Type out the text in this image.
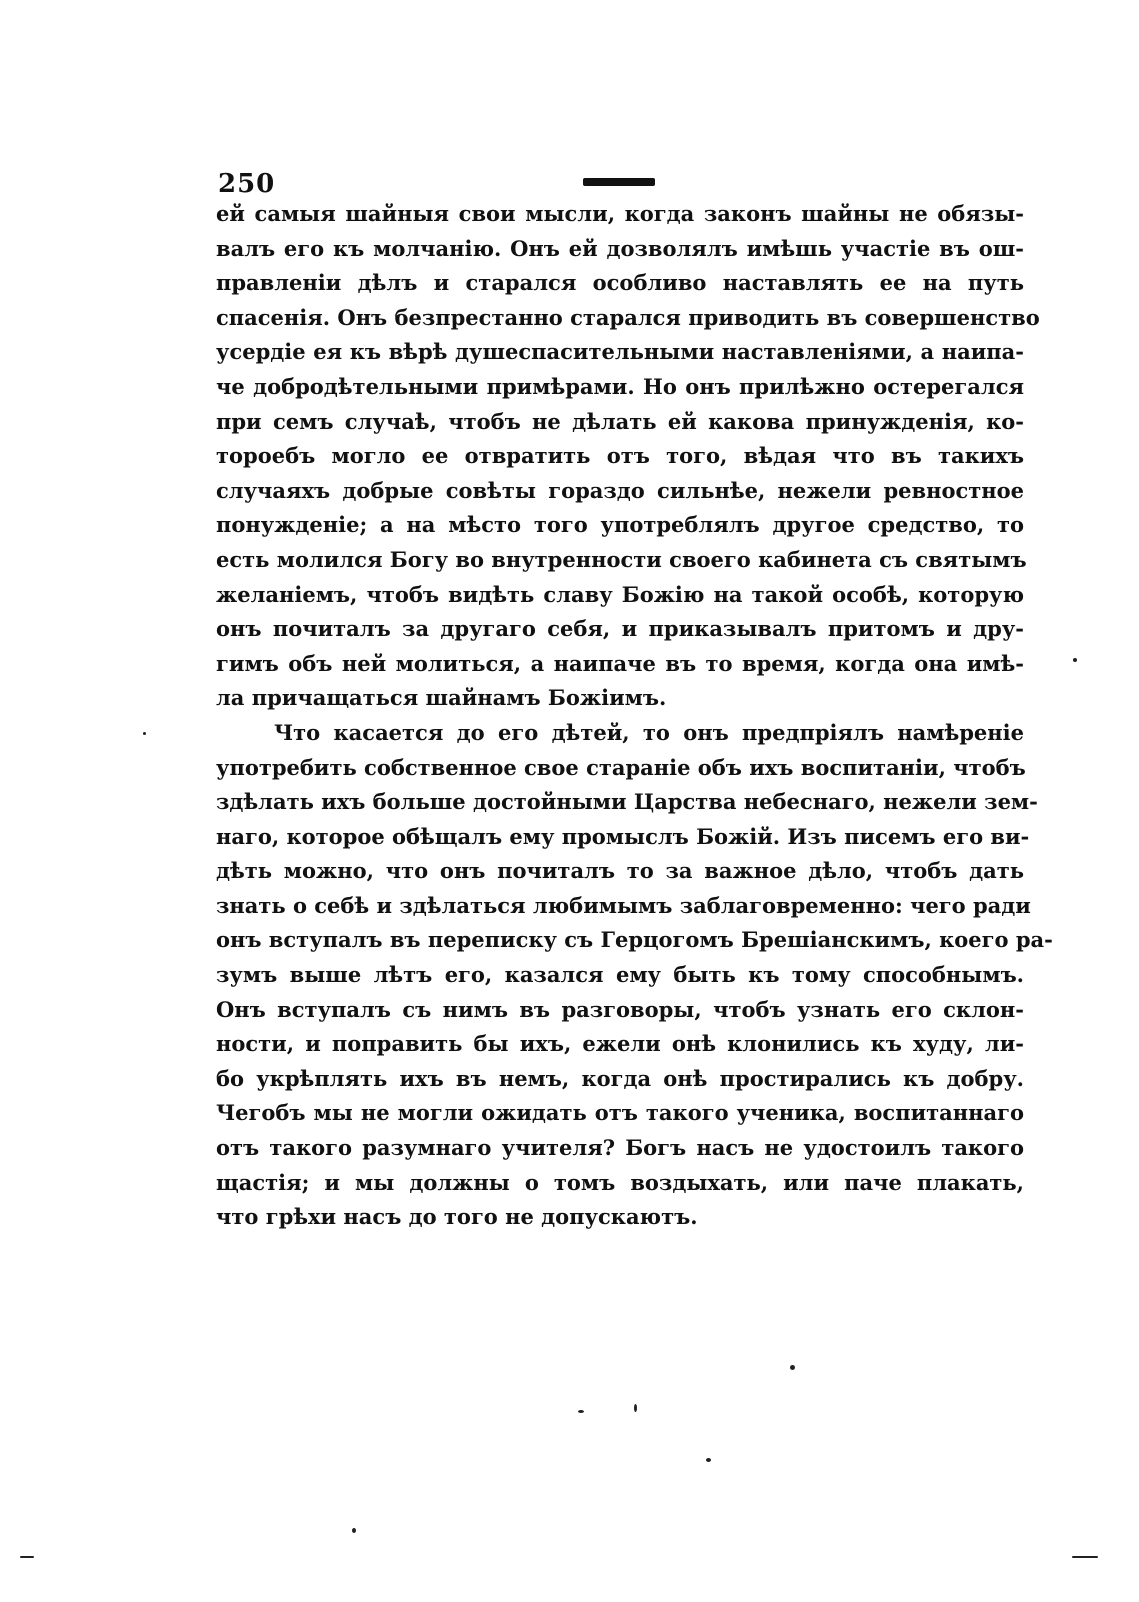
250
ей самыя шайныя свои мысли, когда законъ шайны не обязы-
валъ его къ молчанію. Онъ ей дозволялъ имѣшь участіе въ ош-
правленіи дѣлъ и старался особливо наставлять ее на путь
спасенія. Онъ безпрестанно старался приводить въ совершенство
усердіе ея къ вѣрѣ душеспасительными наставленіями, а наипа-
че добродѣтельными примѣрами. Но онъ прилѣжно остерегался
при семъ случаѣ, чтобъ не дѣлать ей какова принужденія, ко-
тороебъ могло ее отвратить отъ того, вѣдая что въ такихъ
случаяхъ добрые совѣты гораздо сильнѣе, нежели ревностное
понужденіе; а на мѣсто того употреблялъ другое средство, то
есть молился Богу во внутренности своего кабинета съ святымъ
желаніемъ, чтобъ видѣть славу Божію на такой особѣ, которую
онъ почиталъ за другаго себя, и приказывалъ притомъ и дру-
гимъ объ ней молиться, а наипаче въ то время, когда она имѣ-
ла причащаться шайнамъ Божіимъ.
Что касается до его дѣтей, то онъ предпріялъ намѣреніе
употребить собственное свое стараніе объ ихъ воспитаніи, чтобъ
здѣлать ихъ больше достойными Царства небеснаго, нежели зем-
наго, которое обѣщалъ ему промыслъ Божій. Изъ писемъ его ви-
дѣть можно, что онъ почиталъ то за важное дѣло, чтобъ дать
знать о себѣ и здѣлаться любимымъ заблаговременно: чего ради
онъ вступалъ въ переписку съ Герцогомъ Брешіанскимъ, коего ра-
зумъ выше лѣтъ его, казался ему быть къ тому способнымъ.
Онъ вступалъ съ нимъ въ разговоры, чтобъ узнать его склон-
ности, и поправить бы ихъ, ежели онѣ клонились къ худу, ли-
бо укрѣплять ихъ въ немъ, когда онѣ простирались къ добру.
Чегобъ мы не могли ожидать отъ такого ученика, воспитаннаго
отъ такого разумнаго учителя? Богъ насъ не удостоилъ такого
щастія; и мы должны о томъ воздыхать, или паче плакать,
что грѣхи насъ до того не допускаютъ.
